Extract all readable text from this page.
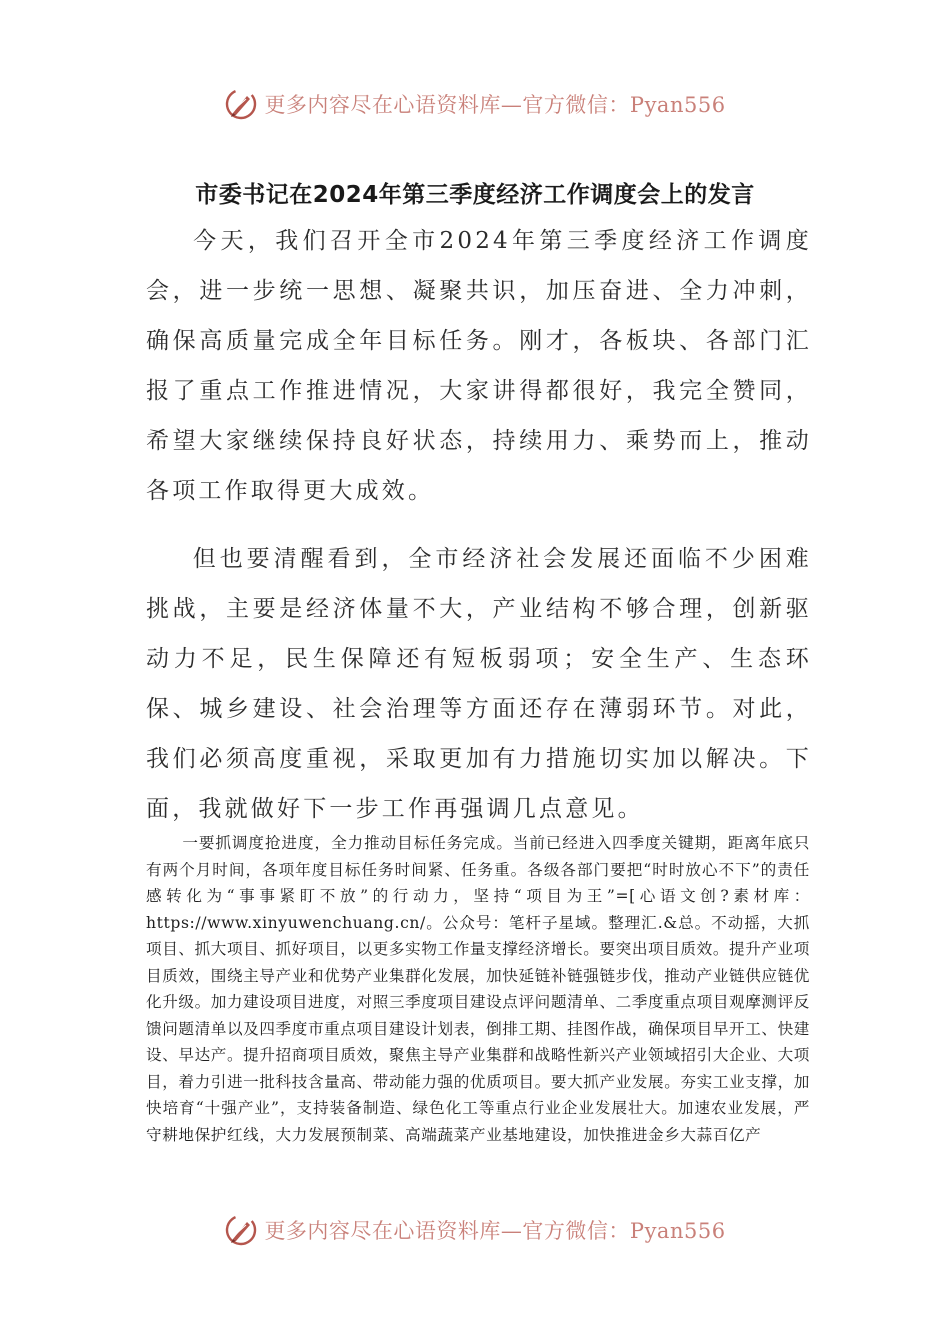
更多内容尽在心语资料库—官方微信：Pyan556
市委书记在2024年第三季度经济工作调度会上的发言

今天，我们召开全市2024年第三季度经济工作调度会，进一步统一思想、凝聚共识，加压奋进、全力冲刺，确保高质量完成全年目标任务。刚才，各板块、各部门汇报了重点工作推进情况，大家讲得都很好，我完全赞同，希望大家继续保持良好状态，持续用力、乘势而上，推动各项工作取得更大成效。

但也要清醒看到，全市经济社会发展还面临不少困难挑战，主要是经济体量不大，产业结构不够合理，创新驱动力不足，民生保障还有短板弱项；安全生产、生态环保、城乡建设、社会治理等方面还存在薄弱环节。对此，我们必须高度重视，采取更加有力措施切实加以解决。下面，我就做好下一步工作再强调几点意见。

一要抓调度抢进度，全力推动目标任务完成。当前已经进入四季度关键期，距离年底只有两个月时间，各项年度目标任务时间紧、任务重。各级各部门要把“时时放心不下”的责任感转化为“事事紧盯不放”的行动力，坚持“项目为王”=[心语文创?素材库：https://www.xinyuwenchuang.cn/。公众号：笔杆子星域。整理汇.&总。不动摇，大抓项目、抓大项目、抓好项目，以更多实物工作量支撑经济增长。要突出项目质效。提升产业项目质效，围绕主导产业和优势产业集群化发展，加快延链补链强链步伐，推动产业链供应链优化升级。加力建设项目进度，对照三季度项目建设点评问题清单、二季度重点项目观摩测评反馈问题清单以及四季度市重点项目建设计划表，倒排工期、挂图作战，确保项目早开工、快建设、早达产。提升招商项目质效，聚焦主导产业集群和战略性新兴产业领域招引大企业、大项目，着力引进一批科技含量高、带动能力强的优质项目。要大抓产业发展。夯实工业支撑，加快培育“十强产业”，支持装备制造、绿色化工等重点行业企业发展壮大。加速农业发展，严守耕地保护红线，大力发展预制菜、高端蔬菜产业基地建设，加快推进金乡大蒜百亿产

更多内容尽在心语资料库—官方微信：Pyan556
